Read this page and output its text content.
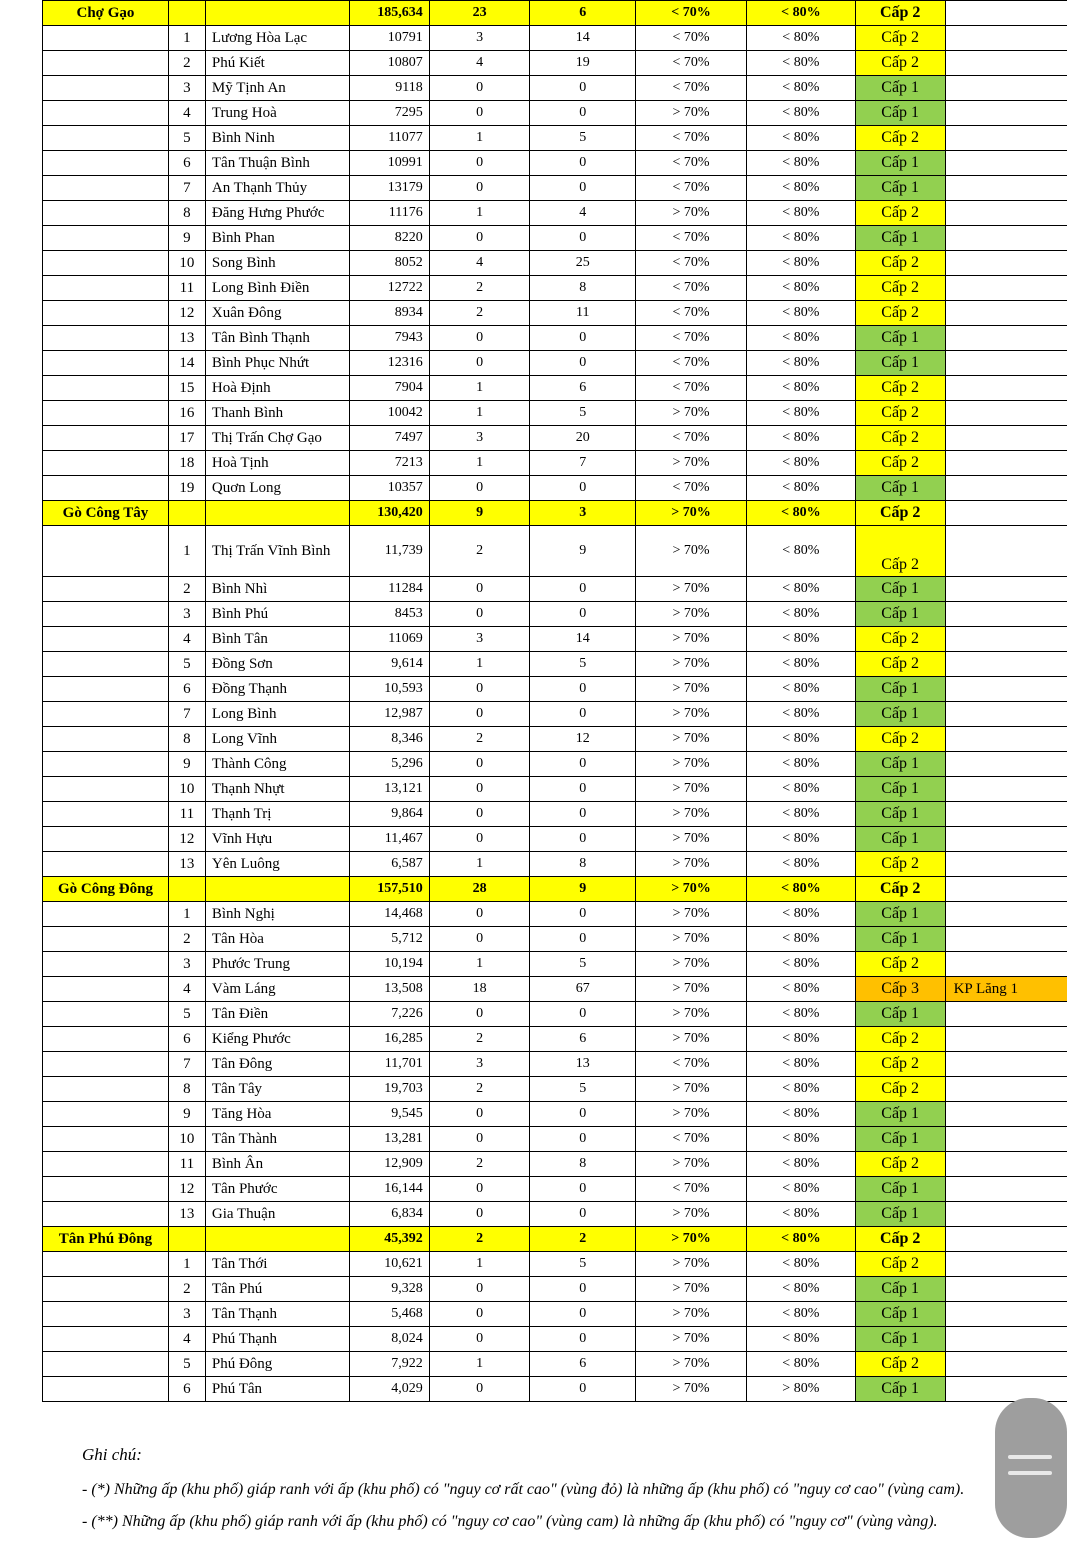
Chợ Gạo			185,634	23	6	< 70%	< 80%	Cấp 2	
	1	Lương Hòa Lạc	10791	3	14	< 70%	< 80%	Cấp 2	
	2	Phú Kiết	10807	4	19	< 70%	< 80%	Cấp 2	
	3	Mỹ Tịnh An	9118	0	0	< 70%	< 80%	Cấp 1	
	4	Trung Hoà	7295	0	0	> 70%	< 80%	Cấp 1	
	5	Bình Ninh	11077	1	5	< 70%	< 80%	Cấp 2	
	6	Tân Thuận Bình	10991	0	0	< 70%	< 80%	Cấp 1	
	7	An Thạnh Thủy	13179	0	0	< 70%	< 80%	Cấp 1	
	8	Đăng Hưng Phước	11176	1	4	> 70%	< 80%	Cấp 2	
	9	Bình Phan	8220	0	0	< 70%	< 80%	Cấp 1	
	10	Song Bình	8052	4	25	< 70%	< 80%	Cấp 2	
	11	Long Bình Điền	12722	2	8	< 70%	< 80%	Cấp 2	
	12	Xuân Đông	8934	2	11	< 70%	< 80%	Cấp 2	
	13	Tân Bình Thạnh	7943	0	0	< 70%	< 80%	Cấp 1	
	14	Bình Phục Nhứt	12316	0	0	< 70%	< 80%	Cấp 1	
	15	Hoà Định	7904	1	6	< 70%	< 80%	Cấp 2	
	16	Thanh Bình	10042	1	5	> 70%	< 80%	Cấp 2	
	17	Thị Trấn Chợ Gạo	7497	3	20	< 70%	< 80%	Cấp 2	
	18	Hoà Tịnh	7213	1	7	> 70%	< 80%	Cấp 2	
	19	Quơn Long	10357	0	0	< 70%	< 80%	Cấp 1	
Gò Công Tây			130,420	9	3	> 70%	< 80%	Cấp 2	
	1	Thị Trấn Vĩnh Bình	11,739	2	9	> 70%	< 80%	Cấp 2	
	2	Bình Nhì	11284	0	0	> 70%	< 80%	Cấp 1	
	3	Bình Phú	8453	0	0	> 70%	< 80%	Cấp 1	
	4	Bình Tân	11069	3	14	> 70%	< 80%	Cấp 2	
	5	Đồng Sơn	9,614	1	5	> 70%	< 80%	Cấp 2	
	6	Đồng Thạnh	10,593	0	0	> 70%	< 80%	Cấp 1	
	7	Long Bình	12,987	0	0	> 70%	< 80%	Cấp 1	
	8	Long Vĩnh	8,346	2	12	> 70%	< 80%	Cấp 2	
	9	Thành Công	5,296	0	0	> 70%	< 80%	Cấp 1	
	10	Thạnh Nhựt	13,121	0	0	> 70%	< 80%	Cấp 1	
	11	Thạnh Trị	9,864	0	0	> 70%	< 80%	Cấp 1	
	12	Vĩnh Hựu	11,467	0	0	> 70%	< 80%	Cấp 1	
	13	Yên Luông	6,587	1	8	> 70%	< 80%	Cấp 2	
Gò Công Đông			157,510	28	9	> 70%	< 80%	Cấp 2	
	1	Bình Nghị	14,468	0	0	> 70%	< 80%	Cấp 1	
	2	Tân Hòa	5,712	0	0	> 70%	< 80%	Cấp 1	
	3	Phước Trung	10,194	1	5	> 70%	< 80%	Cấp 2	
	4	Vàm Láng	13,508	18	67	> 70%	< 80%	Cấp 3	KP Lăng 1
	5	Tân Điền	7,226	0	0	> 70%	< 80%	Cấp 1	
	6	Kiểng Phước	16,285	2	6	> 70%	< 80%	Cấp 2	
	7	Tân Đông	11,701	3	13	< 70%	< 80%	Cấp 2	
	8	Tân Tây	19,703	2	5	> 70%	< 80%	Cấp 2	
	9	Tăng Hòa	9,545	0	0	> 70%	< 80%	Cấp 1	
	10	Tân Thành	13,281	0	0	< 70%	< 80%	Cấp 1	
	11	Bình Ân	12,909	2	8	> 70%	< 80%	Cấp 2	
	12	Tân Phước	16,144	0	0	< 70%	< 80%	Cấp 1	
	13	Gia Thuận	6,834	0	0	> 70%	< 80%	Cấp 1	
Tân Phú Đông			45,392	2	2	> 70%	< 80%	Cấp 2	
	1	Tân Thới	10,621	1	5	> 70%	< 80%	Cấp 2	
	2	Tân Phú	9,328	0	0	> 70%	< 80%	Cấp 1	
	3	Tân Thạnh	5,468	0	0	> 70%	< 80%	Cấp 1	
	4	Phú Thạnh	8,024	0	0	> 70%	< 80%	Cấp 1	
	5	Phú Đông	7,922	1	6	> 70%	< 80%	Cấp 2	
	6	Phú Tân	4,029	0	0	> 70%	> 80%	Cấp 1	

Ghi chú:

- (*) Những ấp (khu phố) giáp ranh với ấp (khu phố) có "nguy cơ rất cao" (vùng đỏ) là những ấp (khu phố) có "nguy cơ cao" (vùng cam).

- (**) Những ấp (khu phố) giáp ranh với ấp (khu phố) có "nguy cơ cao" (vùng cam) là những ấp (khu phố) có "nguy cơ" (vùng vàng).
